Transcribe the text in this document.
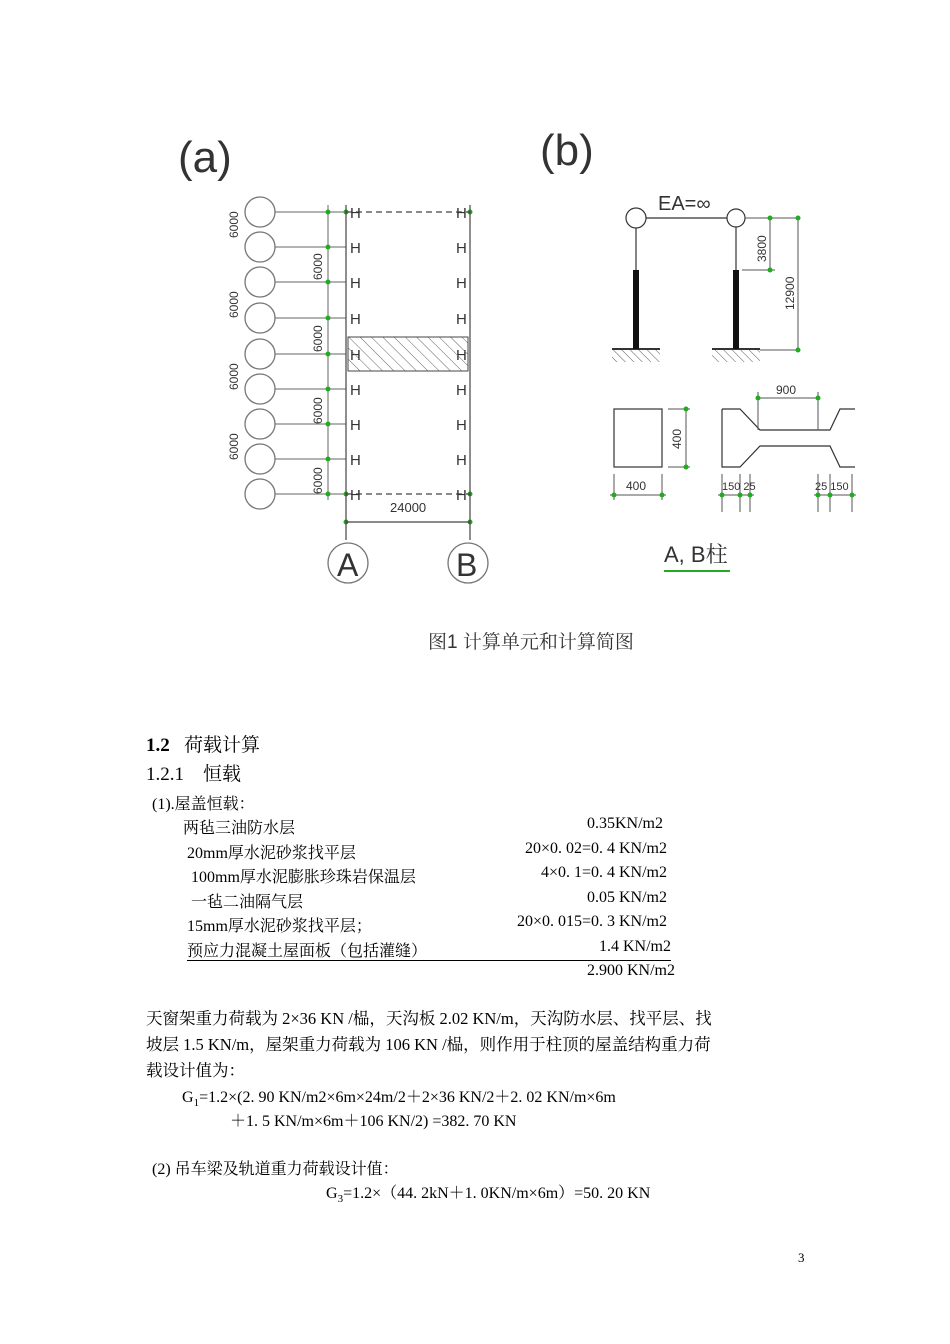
(a)	(b)
6000
6000
6000
6000
6000
6000
6000
6000
H	H
H	H
H	H
H	H
H	H
H	H
H	H
H	H
24000
A	B
EA=∞
3800
12900
400
400
900
150 25	25 150
A, B柱
图1 计算单元和计算简图
1.2 荷载计算
1.2.1 恒载
(1).屋盖恒载：
两毡三油防水层	0.35KN/m2
20mm厚水泥砂浆找平层	20×0. 02=0. 4 KN/m2
100mm厚水泥膨胀珍珠岩保温层	4×0. 1=0. 4 KN/m2
一毡二油隔气层	0.05 KN/m2
15mm厚水泥砂浆找平层；	20×0. 015=0. 3 KN/m2
预应力混凝土屋面板（包括灌缝）	1.4 KN/m2
2.900 KN/m2
天窗架重力荷载为 2×36 KN /榀，天沟板 2.02 KN/m，天沟防水层、找平层、找
坡层 1.5 KN/m，屋架重力荷载为 106 KN /榀，则作用于柱顶的屋盖结构重力荷
载设计值为：
$G_1=1.2\times(2$. 90 KN/m2×6m×24m/2＋2×36 KN/2＋2. 02 KN/m×6m
＋1. 5 KN/m×6m＋106 KN/2) =382. 70 KN
(2) 吊车梁及轨道重力荷载设计值：
$G_3=1.2\times(44$. 2kN＋1. 0KN/m×6m）=50. 20 KN
3
